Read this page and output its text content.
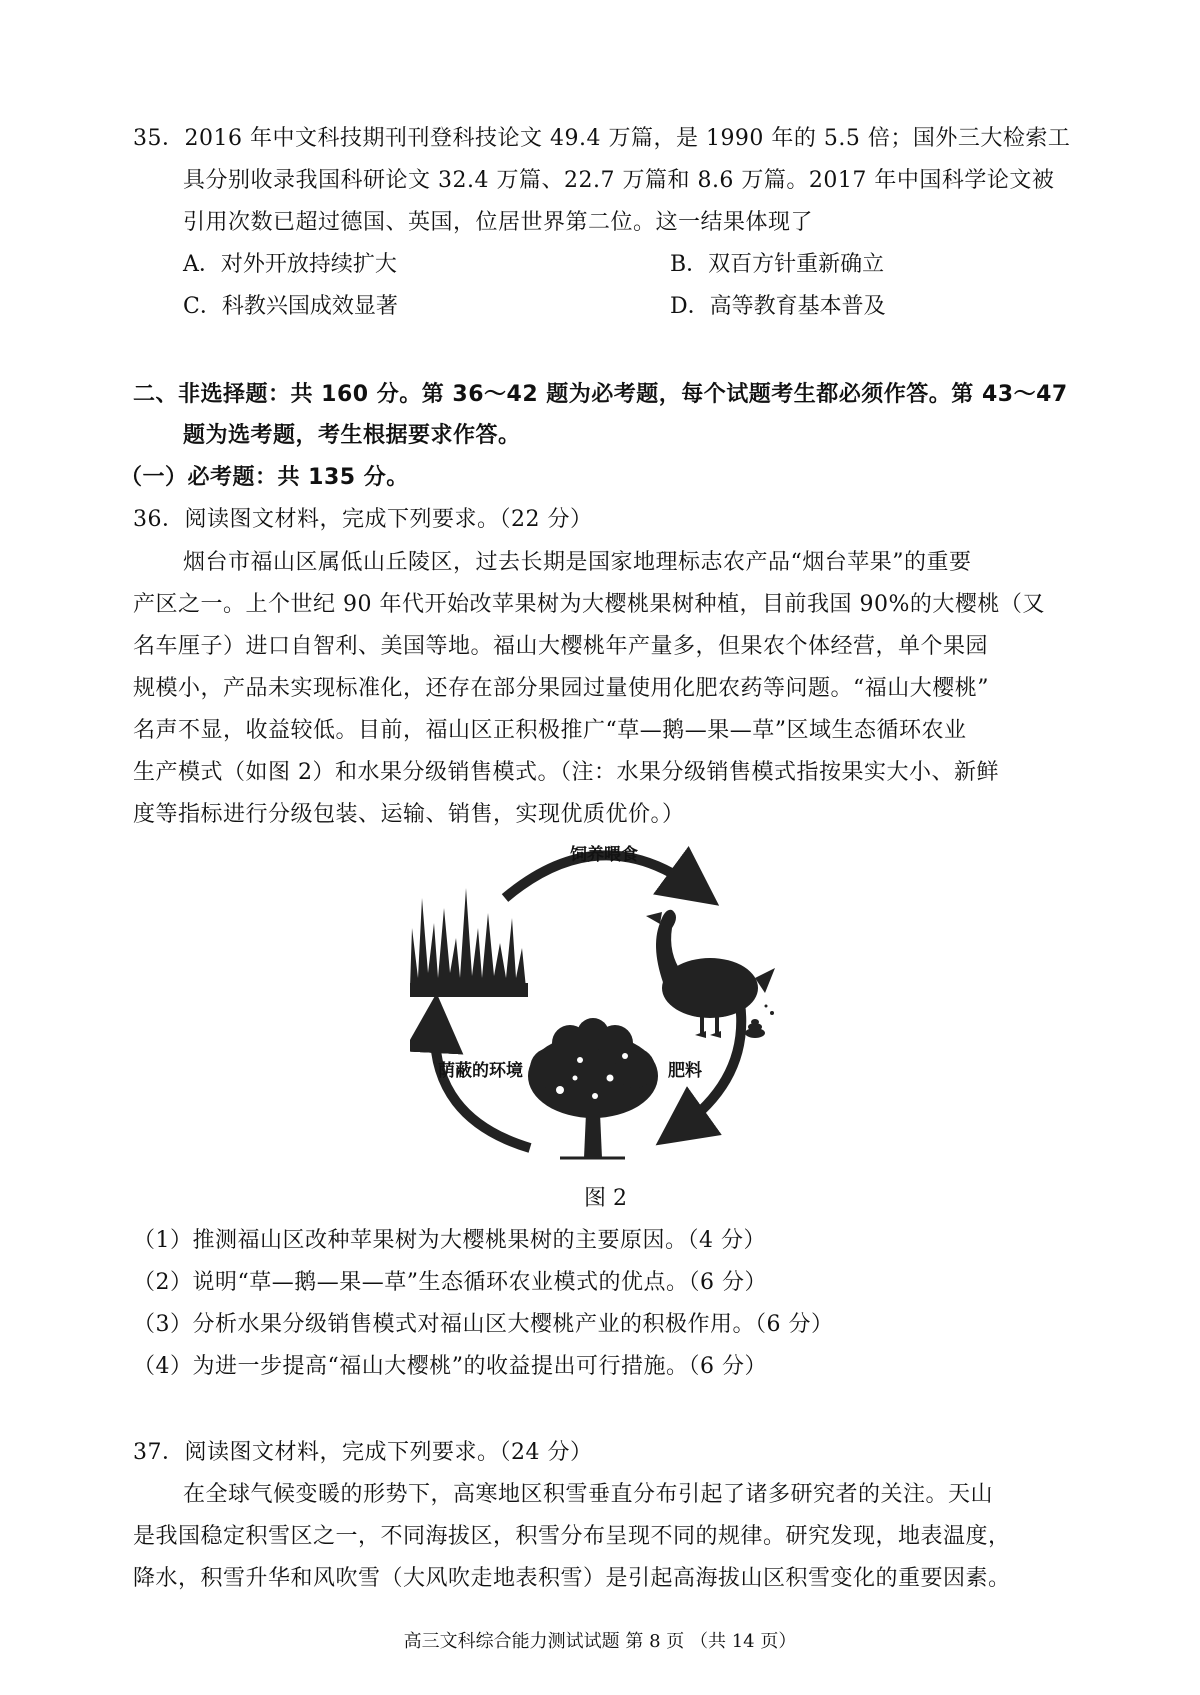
35．2016 年中文科技期刊刊登科技论文 49.4 万篇，是 1990 年的 5.5 倍；国外三大检索工
具分别收录我国科研论文 32.4 万篇、22.7 万篇和 8.6 万篇。2017 年中国科学论文被
引用次数已超过德国、英国，位居世界第二位。这一结果体现了
A．对外开放持续扩大	B．双百方针重新确立
C．科教兴国成效显著	D．高等教育基本普及
二、非选择题：共 160 分。第 36～42 题为必考题，每个试题考生都必须作答。第 43～47
题为选考题，考生根据要求作答。
（一）必考题：共 135 分。
36．阅读图文材料，完成下列要求。（22 分）
烟台市福山区属低山丘陵区，过去长期是国家地理标志农产品“烟台苹果”的重要
产区之一。上个世纪 90 年代开始改苹果树为大樱桃果树种植，目前我国 90%的大樱桃（又
名车厘子）进口自智利、美国等地。福山大樱桃年产量多，但果农个体经营，单个果园
规模小，产品未实现标准化，还存在部分果园过量使用化肥农药等问题。“福山大樱桃”
名声不显，收益较低。目前，福山区正积极推广“草—鹅—果—草”区域生态循环农业
生产模式（如图 2）和水果分级销售模式。（注：水果分级销售模式指按果实大小、新鲜
度等指标进行分级包装、运输、销售，实现优质优价。）
饲养喂食
肥料
荫蔽的环境
图 2
（1）推测福山区改种苹果树为大樱桃果树的主要原因。（4 分）
（2）说明“草—鹅—果—草”生态循环农业模式的优点。（6 分）
（3）分析水果分级销售模式对福山区大樱桃产业的积极作用。（6 分）
（4）为进一步提高“福山大樱桃”的收益提出可行措施。（6 分）
37．阅读图文材料，完成下列要求。（24 分）
在全球气候变暖的形势下，高寒地区积雪垂直分布引起了诸多研究者的关注。天山
是我国稳定积雪区之一，不同海拔区，积雪分布呈现不同的规律。研究发现，地表温度，
降水，积雪升华和风吹雪（大风吹走地表积雪）是引起高海拔山区积雪变化的重要因素。
高三文科综合能力测试试题 第 8 页 （共 14 页）
